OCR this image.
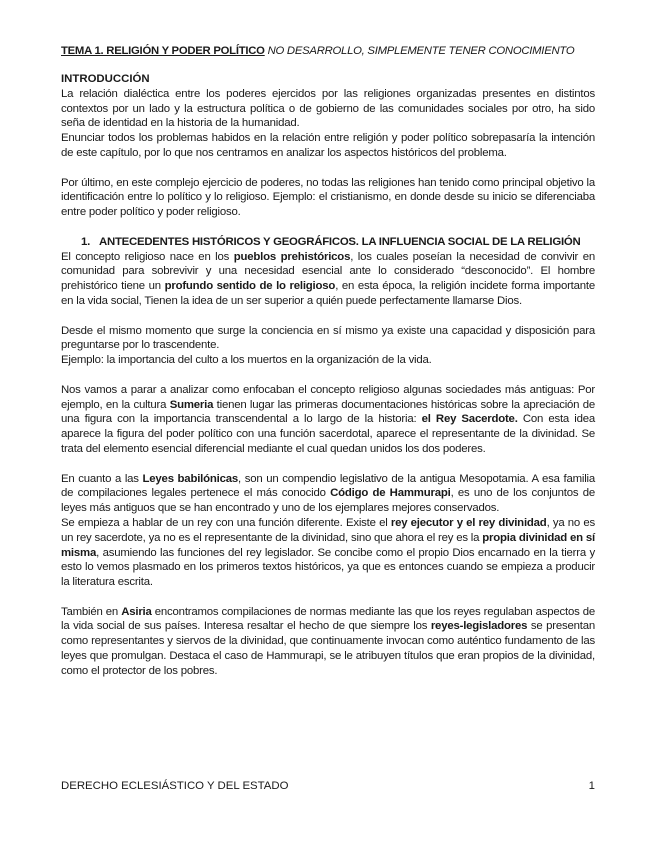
TEMA 1. RELIGIÓN Y PODER POLÍTICO NO DESARROLLO, SIMPLEMENTE TENER CONOCIMIENTO
INTRODUCCIÓN

La relación dialéctica entre los poderes ejercidos por las religiones organizadas presentes en distintos contextos por un lado y la estructura política o de gobierno de las comunidades sociales por otro, ha sido seña de identidad en la historia de la humanidad.

Enunciar todos los problemas habidos en la relación entre religión y poder político sobrepasaría la intención de este capítulo, por lo que nos centramos en analizar los aspectos históricos del problema.

Por último, en este complejo ejercicio de poderes, no todas las religiones han tenido como principal objetivo la identificación entre lo político y lo religioso. Ejemplo: el cristianismo, en donde desde su inicio se diferenciaba entre poder político y poder religioso.

1. ANTECEDENTES HISTÓRICOS Y GEOGRÁFICOS. LA INFLUENCIA SOCIAL DE LA RELIGIÓN

El concepto religioso nace en los pueblos prehistóricos, los cuales poseían la necesidad de convivir en comunidad para sobrevivir y una necesidad esencial ante lo considerado “desconocido”. El hombre prehistórico tiene un profundo sentido de lo religioso, en esta época, la religión incidete forma importante en la vida social, Tienen la idea de un ser superior a quién puede perfectamente llamarse Dios.

Desde el mismo momento que surge la conciencia en sí mismo ya existe una capacidad y disposición para preguntarse por lo trascendente.

Ejemplo: la importancia del culto a los muertos en la organización de la vida.

Nos vamos a parar a analizar como enfocaban el concepto religioso algunas sociedades más antiguas: Por ejemplo, en la cultura Sumeria tienen lugar las primeras documentaciones históricas sobre la apreciación de una figura con la importancia transcendental a lo largo de la historia: el Rey Sacerdote. Con esta idea aparece la figura del poder político con una función sacerdotal, aparece el representante de la divinidad. Se trata del elemento esencial diferencial mediante el cual quedan unidos los dos poderes.

En cuanto a las Leyes babilónicas, son un compendio legislativo de la antigua Mesopotamia. A esa familia de compilaciones legales pertenece el más conocido Código de Hammurapi, es uno de los conjuntos de leyes más antiguos que se han encontrado y uno de los ejemplares mejores conservados.

Se empieza a hablar de un rey con una función diferente. Existe el rey ejecutor y el rey divinidad, ya no es un rey sacerdote, ya no es el representante de la divinidad, sino que ahora el rey es la propia divinidad en sí misma, asumiendo las funciones del rey legislador. Se concibe como el propio Dios encarnado en la tierra y esto lo vemos plasmado en los primeros textos históricos, ya que es entonces cuando se empieza a producir la literatura escrita.

También en Asiria encontramos compilaciones de normas mediante las que los reyes regulaban aspectos de la vida social de sus países. Interesa resaltar el hecho de que siempre los reyes-legisladores se presentan como representantes y siervos de la divinidad, que continuamente invocan como auténtico fundamento de las leyes que promulgan. Destaca el caso de Hammurapi, se le atribuyen títulos que eran propios de la divinidad, como el protector de los pobres.

DERECHO ECLESIÁSTICO Y DEL ESTADO	1
